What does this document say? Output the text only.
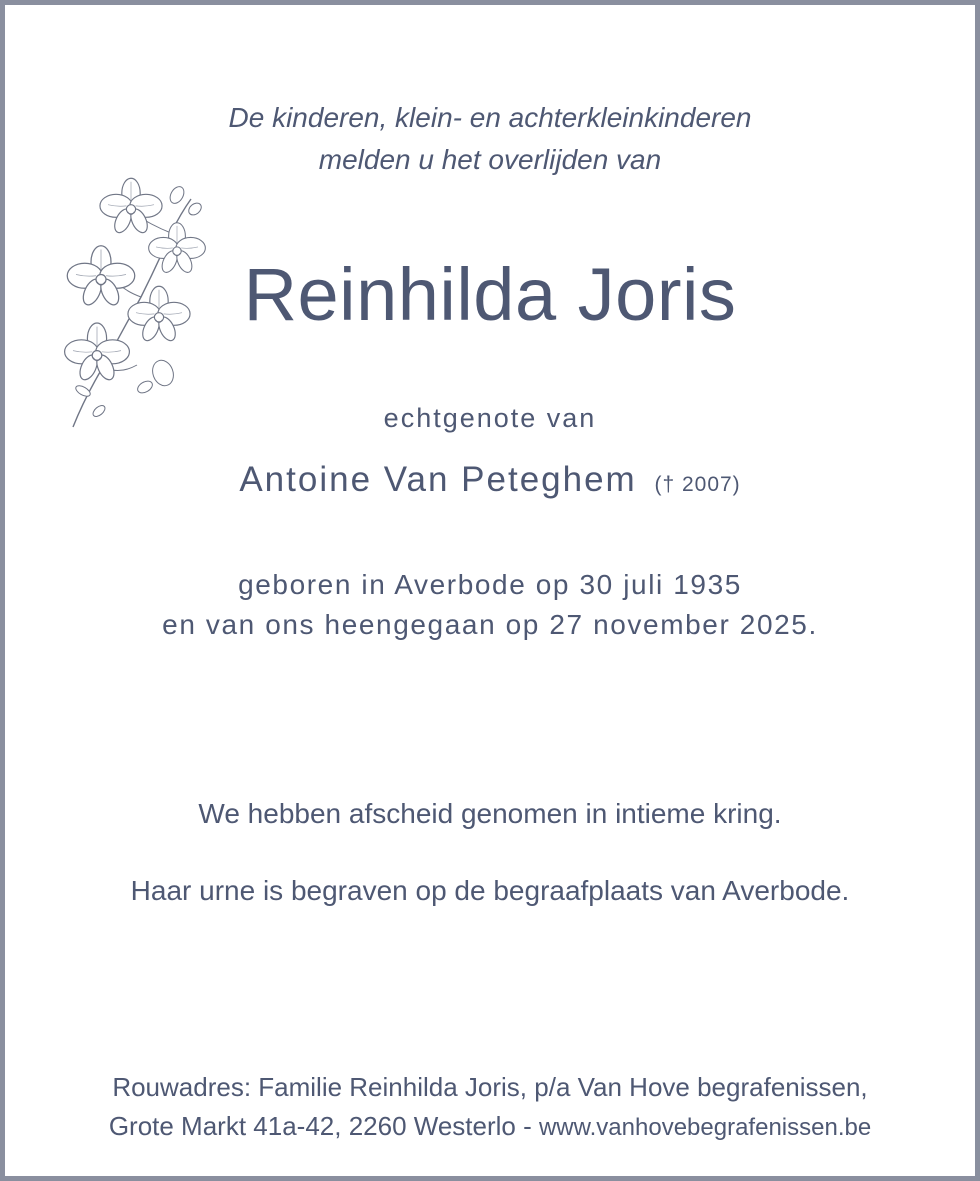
De kinderen, klein- en achterkleinkinderen
melden u het overlijden van
Reinhilda Joris
echtgenote van
Antoine Van Peteghem († 2007)
geboren in Averbode op 30 juli 1935
en van ons heengegaan op 27 november 2025.
We hebben afscheid genomen in intieme kring.
Haar urne is begraven op de begraafplaats van Averbode.
Rouwadres: Familie Reinhilda Joris, p/a Van Hove begrafenissen,
Grote Markt 41a-42, 2260 Westerlo - www.vanhovebegrafenissen.be
